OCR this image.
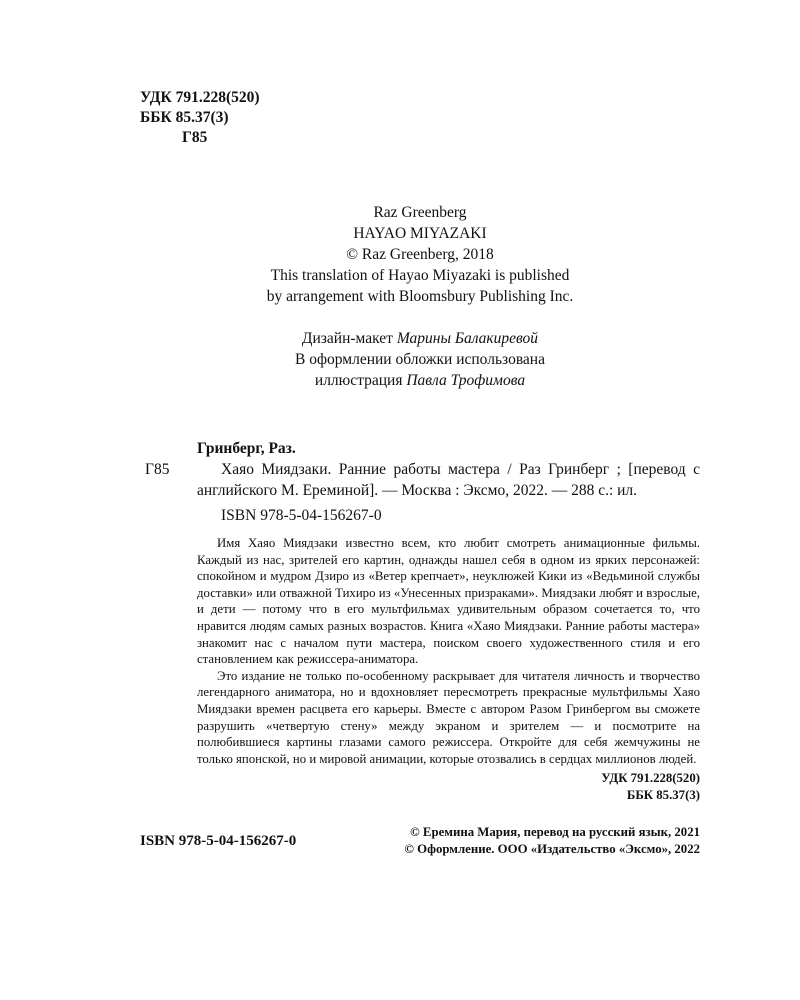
УДК 791.228(520)
ББК 85.37(3)
Г85
Raz Greenberg
HAYAO MIYAZAKI
© Raz Greenberg, 2018
This translation of Hayao Miyazaki is published
by arrangement with Bloomsbury Publishing Inc.
Дизайн-макет Марины Балакиревой
В оформлении обложки использована
иллюстрация Павла Трофимова

Гринберг, Раз.

Г85	Хаяо Миядзаки. Ранние работы мастера / Раз Гринберг ; [перевод с английского М. Ереминой]. — Москва : Эксмо, 2022. — 288 с.: ил.

ISBN 978-5-04-156267-0

Имя Хаяо Миядзаки известно всем, кто любит смотреть анимационные фильмы. Каждый из нас, зрителей его картин, однажды нашел себя в одном из ярких персонажей: спокойном и мудром Дзиро из «Ветер крепчает», неуклюжей Кики из «Ведьминой службы доставки» или отважной Тихиро из «Унесенных призраками». Миядзаки любят и взрослые, и дети — потому что в его мультфильмах удивительным образом сочетается то, что нравится людям самых разных возрастов. Книга «Хаяо Миядзаки. Ранние работы мастера» знакомит нас с началом пути мастера, поиском своего художественного стиля и его становлением как режиссера-аниматора.

Это издание не только по-особенному раскрывает для читателя личность и творчество легендарного аниматора, но и вдохновляет пересмотреть прекрасные мультфильмы Хаяо Миядзаки времен расцвета его карьеры. Вместе с автором Разом Гринбергом вы сможете разрушить «четвертую стену» между экраном и зрителем — и посмотрите на полюбившиеся картины глазами самого режиссера. Откройте для себя жемчужины не только японской, но и мировой анимации, которые отозвались в сердцах миллионов людей.

УДК 791.228(520)
ББК 85.37(3)
ISBN 978-5-04-156267-0
© Еремина Мария, перевод на русский язык, 2021
© Оформление. ООО «Издательство «Эксмо», 2022
